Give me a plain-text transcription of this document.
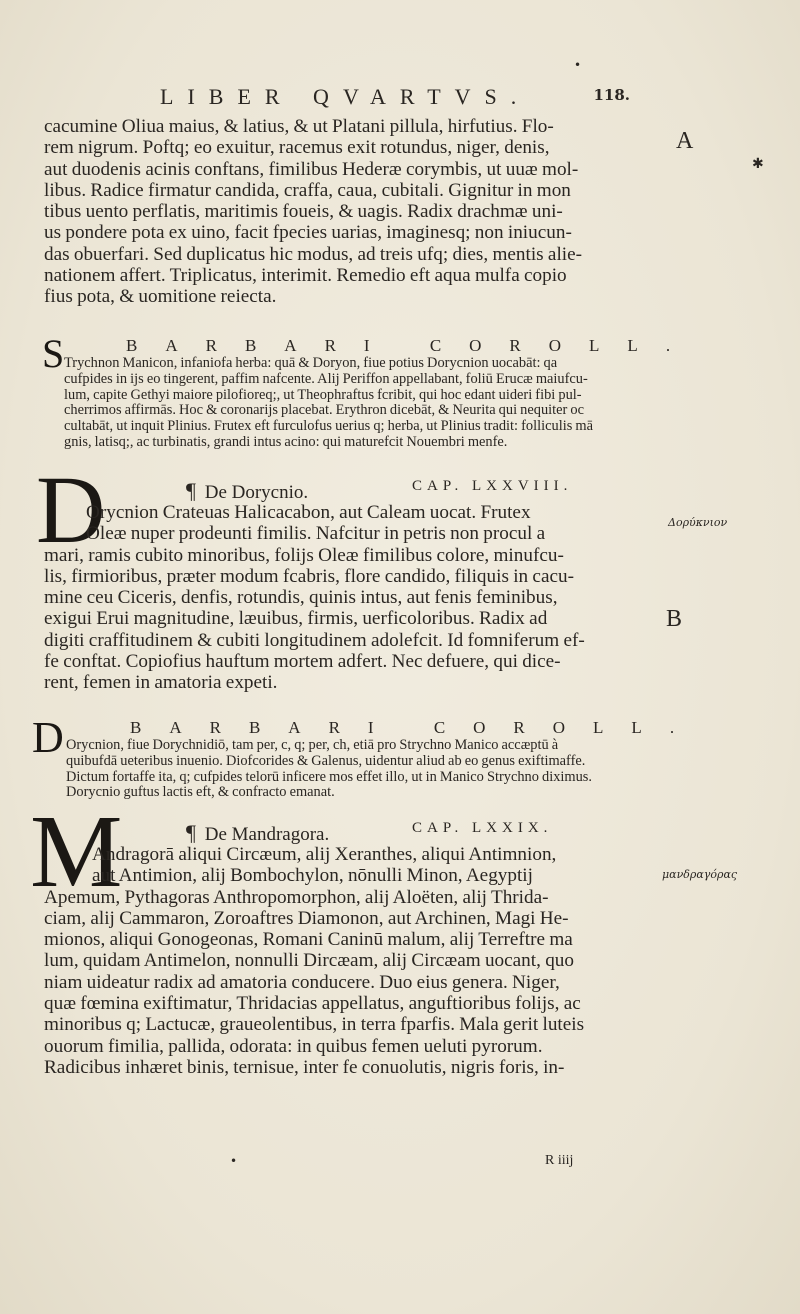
LIBER QVARTVS.	118.
•
✱
cacumine Oliua maius, & latius, & ut Platani pillula, hirfutius. Flo-
rem nigrum. Poftq; eo exuitur, racemus exit rotundus, niger, denis,
aut duodenis acinis conftans, fimilibus Hederæ corymbis, ut uuæ mol-
libus. Radice firmatur candida, craffa, caua, cubitali. Gignitur in mon
tibus uento perflatis, maritimis foueis, & uagis. Radix drachmæ uni-
us pondere pota ex uino, facit fpecies uarias, imaginesq; non iniucun-
das obuerfari. Sed duplicatus hic modus, ad treis ufq; dies, mentis alie-
nationem affert. Triplicatus, interimit. Remedio eft aqua mulfa copio
fius pota, & uomitione reiecta.
A
BARBARI COROLL.
S Trychnon Manicon, infaniofa herba: quā & Doryon, fiue potius Dorycnion uocabāt: qa
cufpides in ijs eo tingerent, paffim nafcente. Alij Periffon appellabant, foliū Erucæ maiufcu-
lum, capite Gethyi maiore pilofioreq;, ut Theophraftus fcribit, qui hoc edant uideri fibi pul-
cherrimos affirmās. Hoc & coronarijs placebat. Erythron dicebāt, & Neurita qui nequiter oc
cultabāt, ut inquit Plinius. Frutex eft furculofus uerius q; herba, ut Plinius tradit: folliculis mā
gnis, latisq;, ac turbinatis, grandi intus acino: qui maturefcit Nouembri menfe.
¶ De Dorycnio.	CAP. LXXVIII.
D
Orycnion Crateuas Halicacabon, aut Caleam uocat. Frutex
Oleæ nuper prodeunti fimilis. Nafcitur in petris non procul a
mari, ramis cubito minoribus, folijs Oleæ fimilibus colore, minufcu-
lis, firmioribus, præter modum fcabris, flore candido, filiquis in cacu-
mine ceu Ciceris, denfis, rotundis, quinis intus, aut fenis feminibus,
exigui Erui magnitudine, læuibus, firmis, uerficoloribus. Radix ad
digiti craffitudinem & cubiti longitudinem adolefcit. Id fomniferum ef-
fe conftat. Copiofius hauftum mortem adfert. Nec defuere, qui dice-
rent, femen in amatoria expeti.
Δορύκνιον
B
BARBARI COROLL.
D Orycnion, fiue Dorychnidiō, tam per, c, q; per, ch, etiā pro Strychno Manico accæptū à
quibufdā ueteribus inuenio. Diofcorides & Galenus, uidentur aliud ab eo genus exiftimaffe.
Dictum fortaffe ita, q; cufpides telorū inficere mos effet illo, ut in Manico Strychno diximus.
Dorycnio guftus lactis eft, & confracto emanat.
¶ De Mandragora.	CAP. LXXIX.
M
Andragorā aliqui Circæum, alij Xeranthes, aliqui Antimnion,
aut Antimion, alij Bombochylon, nōnulli Minon, Aegyptij
Apemum, Pythagoras Anthropomorphon, alij Aloëten, alij Thrida-
ciam, alij Cammaron, Zoroaftres Diamonon, aut Archinen, Magi He-
mionos, aliqui Gonogeonas, Romani Caninū malum, alij Terreftre ma
lum, quidam Antimelon, nonnulli Dircæam, alij Circæam uocant, quo
niam uideatur radix ad amatoria conducere. Duo eius genera. Niger,
quæ fœmina exiftimatur, Thridacias appellatus, anguftioribus folijs, ac
minoribus q; Lactucæ, graueolentibus, in terra fparfis. Mala gerit luteis
ouorum fimilia, pallida, odorata: in quibus femen ueluti pyrorum.
Radicibus inhæret binis, ternisue, inter fe conuolutis, nigris foris, in-
μανδραγόρας
•	R iiij
